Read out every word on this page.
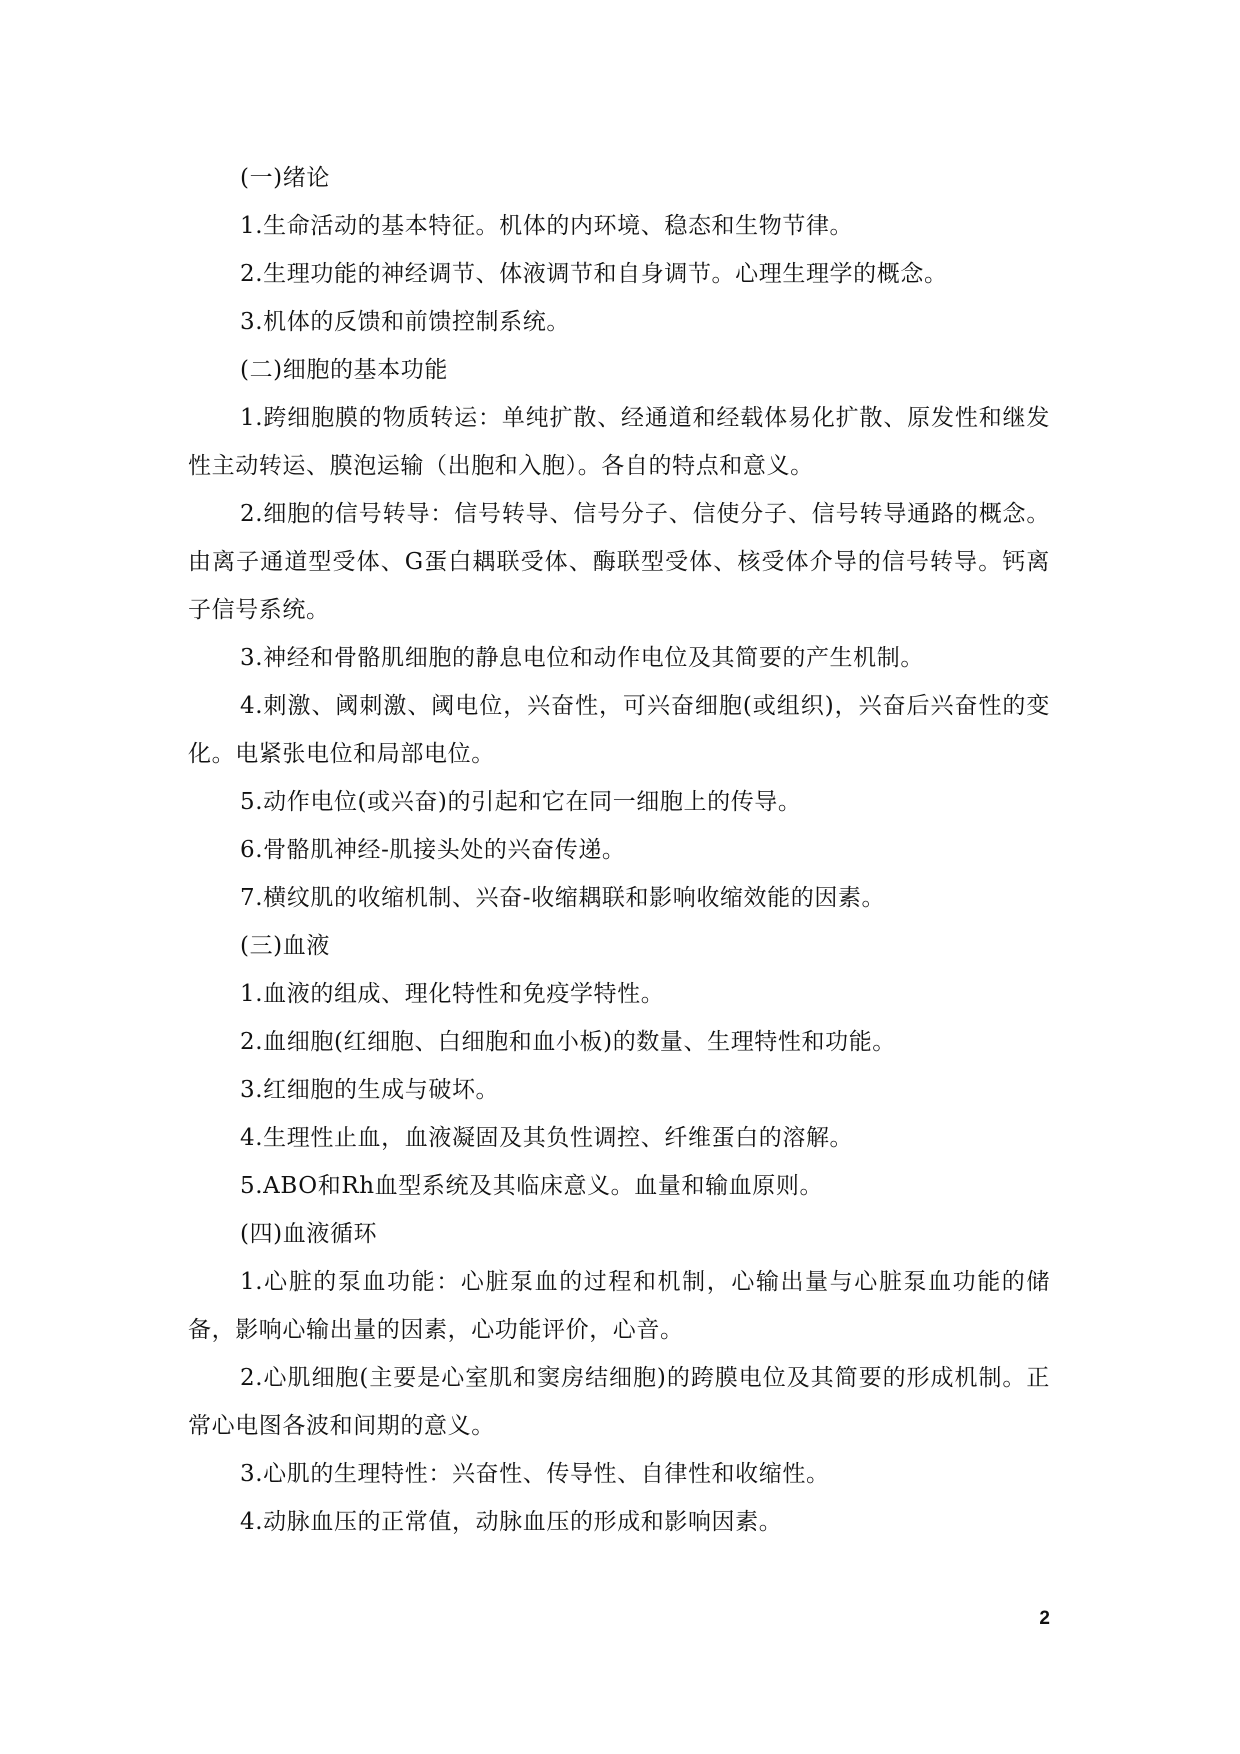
(一)绪论

1.生命活动的基本特征。机体的内环境、稳态和生物节律。

2.生理功能的神经调节、体液调节和自身调节。心理生理学的概念。

3.机体的反馈和前馈控制系统。

(二)细胞的基本功能

1.跨细胞膜的物质转运：单纯扩散、经通道和经载体易化扩散、原发性和继发性主动转运、膜泡运输（出胞和入胞）。各自的特点和意义。

2.细胞的信号转导：信号转导、信号分子、信使分子、信号转导通路的概念。由离子通道型受体、G蛋白耦联受体、酶联型受体、核受体介导的信号转导。钙离子信号系统。

3.神经和骨骼肌细胞的静息电位和动作电位及其简要的产生机制。

4.刺激、阈刺激、阈电位，兴奋性，可兴奋细胞(或组织)，兴奋后兴奋性的变化。电紧张电位和局部电位。

5.动作电位(或兴奋)的引起和它在同一细胞上的传导。

6.骨骼肌神经-肌接头处的兴奋传递。

7.横纹肌的收缩机制、兴奋-收缩耦联和影响收缩效能的因素。

(三)血液

1.血液的组成、理化特性和免疫学特性。

2.血细胞(红细胞、白细胞和血小板)的数量、生理特性和功能。

3.红细胞的生成与破坏。

4.生理性止血，血液凝固及其负性调控、纤维蛋白的溶解。

5.ABO和Rh血型系统及其临床意义。血量和输血原则。

(四)血液循环

1.心脏的泵血功能：心脏泵血的过程和机制，心输出量与心脏泵血功能的储备，影响心输出量的因素，心功能评价，心音。

2.心肌细胞(主要是心室肌和窦房结细胞)的跨膜电位及其简要的形成机制。正常心电图各波和间期的意义。

3.心肌的生理特性：兴奋性、传导性、自律性和收缩性。

4.动脉血压的正常值，动脉血压的形成和影响因素。

2
